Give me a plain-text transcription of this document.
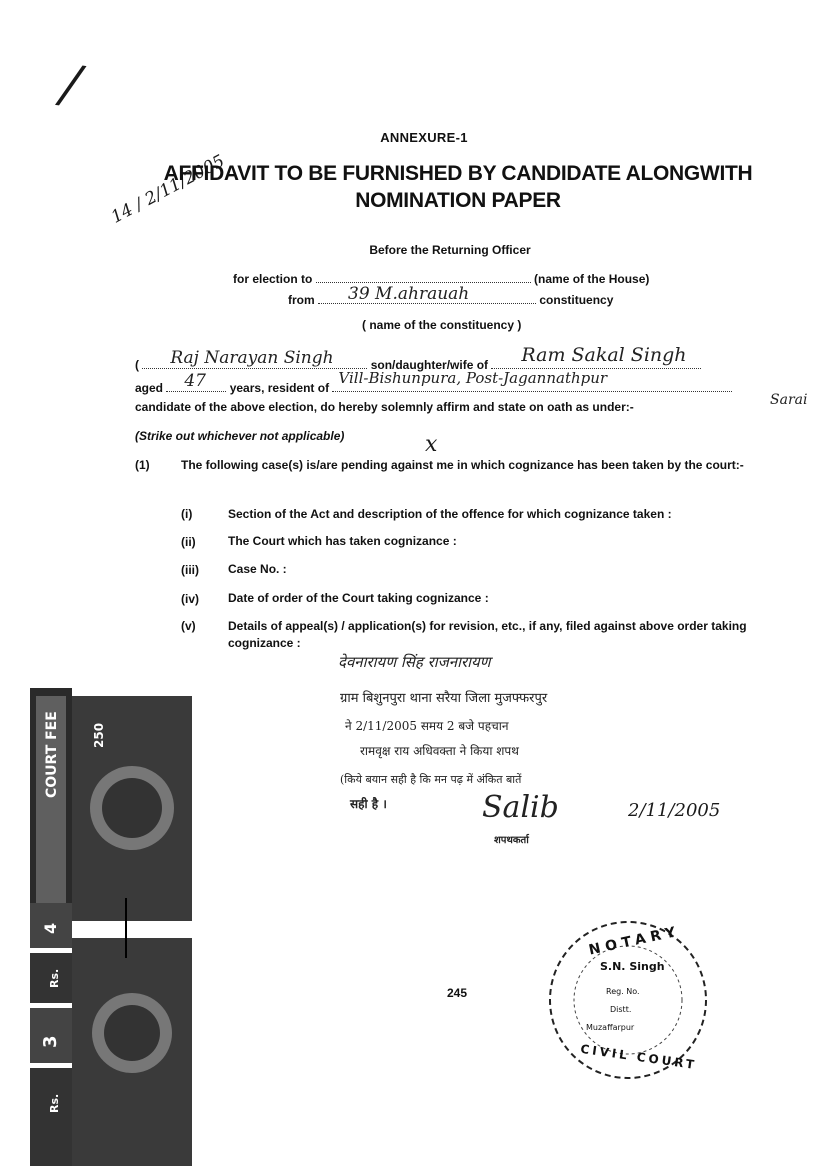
/
14 / 2/11/2005
ANNEXURE-1
AFFIDAVIT TO BE FURNISHED BY CANDIDATE ALONGWITH
NOMINATION PAPER
Before the Returning Officer
for election to	(name of the House)
from 39 M.ahrauah	constituency
( name of the constituency )
( Raj Narayan Singh	son/daughter/wife of Ram Sakal Singh
aged 47 years, resident of
Vill-Bishunpura, Post-Jagannathpur
Sarai
candidate of the above election, do hereby solemnly affirm and state on oath as under:-
(Strike out whichever not applicable)	x
(1)	The following case(s) is/are pending against me in which cognizance has been taken by the court:-
(i)	Section of the Act and description of the offence for which cognizance taken :
(ii)	The Court which has taken cognizance :
(iii) Case No. :
(iv) Date of order of the Court taking cognizance :
(v)	Details of appeal(s) / application(s) for revision, etc., if any, filed against above order taking cognizance :
देवनारायण सिंह राजनारायण
ग्राम बिशुनपुरा थाना सरैया जिला मुजफ्फरपुर
ने 2/11/2005 समय 2 बजे पहचान
रामवृक्ष राय अधिवक्ता ने किया शपथ
(किये बयान सही है कि मन पढ़ में अंकित बातें
सही है ।	Salib	2/11/2005
शपथकर्ता
COURT FEE	250
4
Rs.
3
Rs.
NOTARY
S.N. Singh
Reg. No.
Distt.
Muzaffarpur
CIVIL COURT
245
